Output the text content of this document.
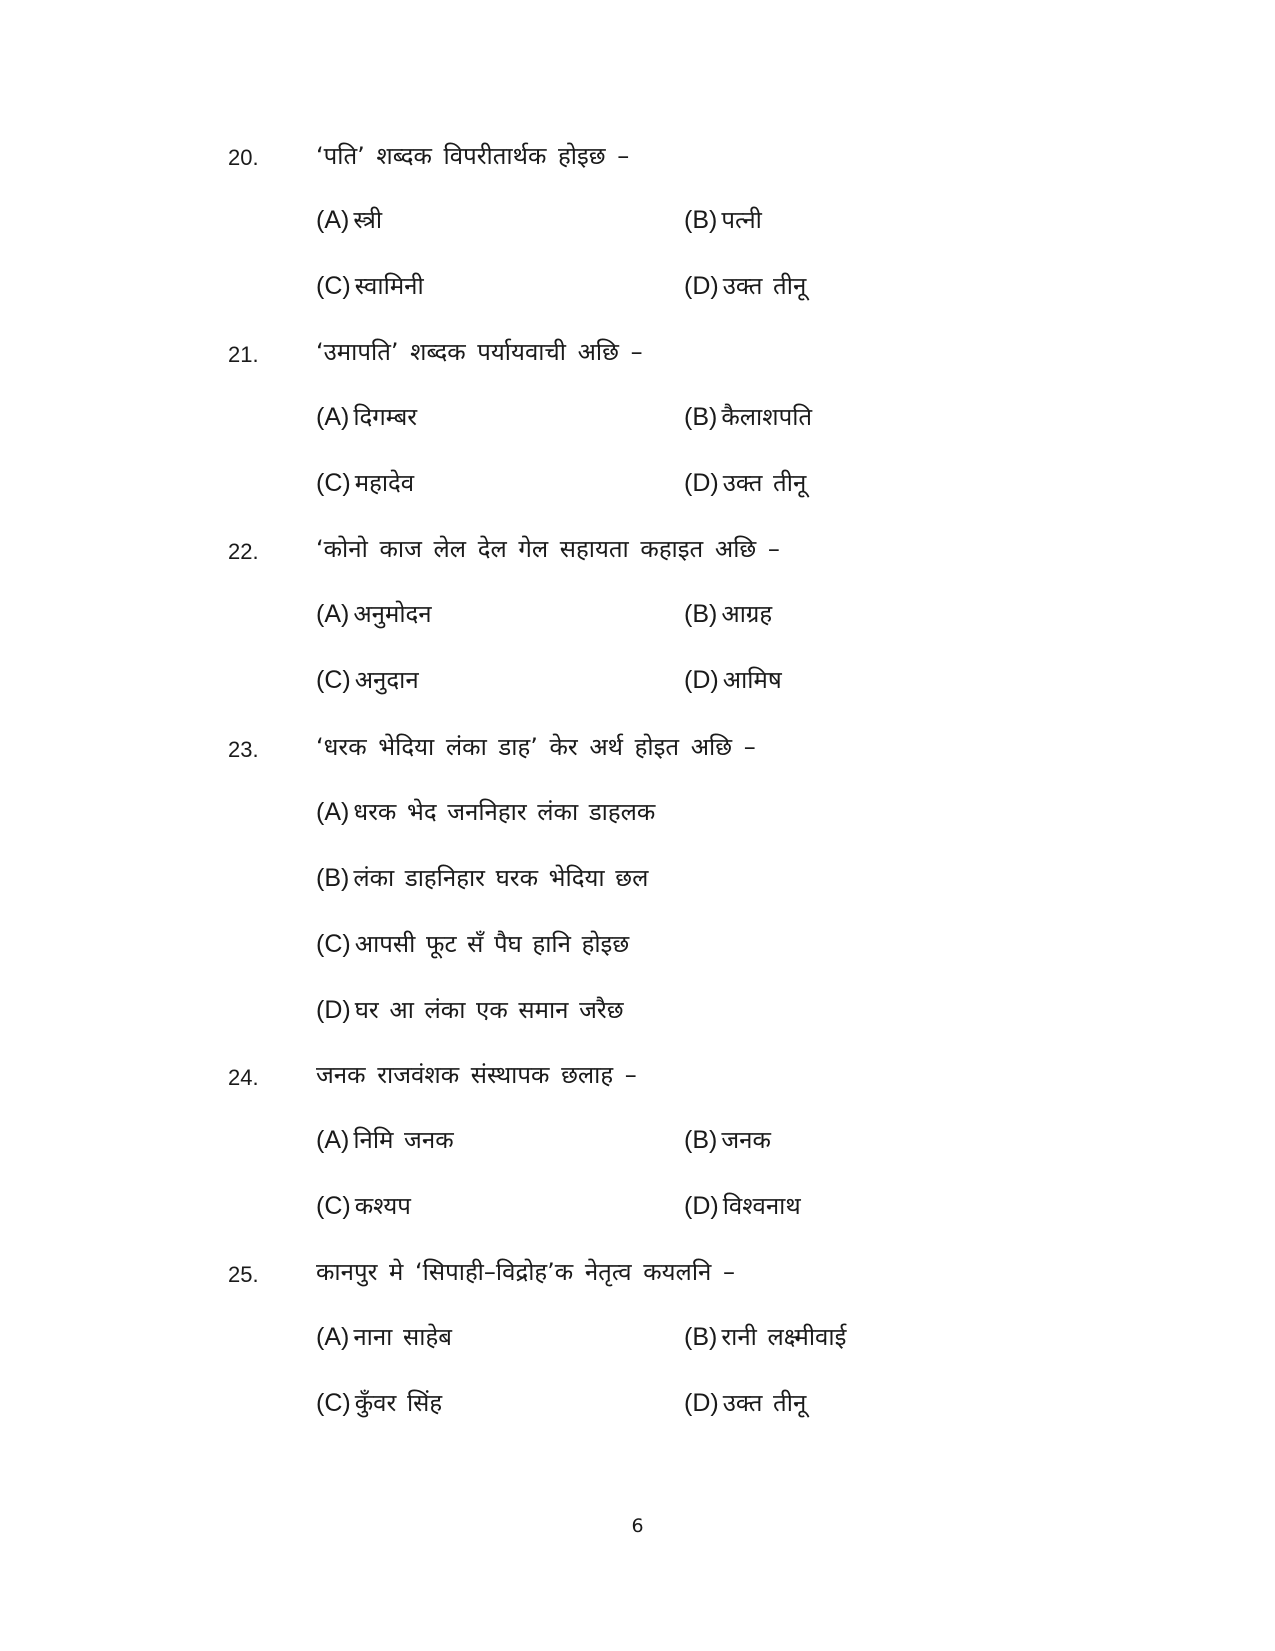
20. ‘पति’ शब्दक विपरीतार्थक होइछ –
(A) स्त्री	(B) पत्नी
(C) स्वामिनी	(D) उक्त तीनू
21. ‘उमापति’ शब्दक पर्यायवाची अछि –
(A) दिगम्बर	(B) कैलाशपति
(C) महादेव	(D) उक्त तीनू
22. ‘कोनो काज लेल देल गेल सहायता कहाइत अछि –
(A) अनुमोदन	(B) आग्रह
(C) अनुदान	(D) आमिष
23. ‘धरक भेदिया लंका डाह’ केर अर्थ होइत अछि –
(A) धरक भेद जननिहार लंका डाहलक
(B) लंका डाहनिहार घरक भेदिया छल
(C) आपसी फूट सँ पैघ हानि होइछ
(D) घर आ लंका एक समान जरैछ
24. जनक राजवंशक संस्थापक छलाह –
(A) निमि जनक	(B) जनक
(C) कश्यप	(D) विश्वनाथ
25. कानपुर मे ‘सिपाही–विद्रोह’क नेतृत्व कयलनि –
(A) नाना साहेब	(B) रानी लक्ष्मीवाई
(C) कुँवर सिंह	(D) उक्त तीनू
6
